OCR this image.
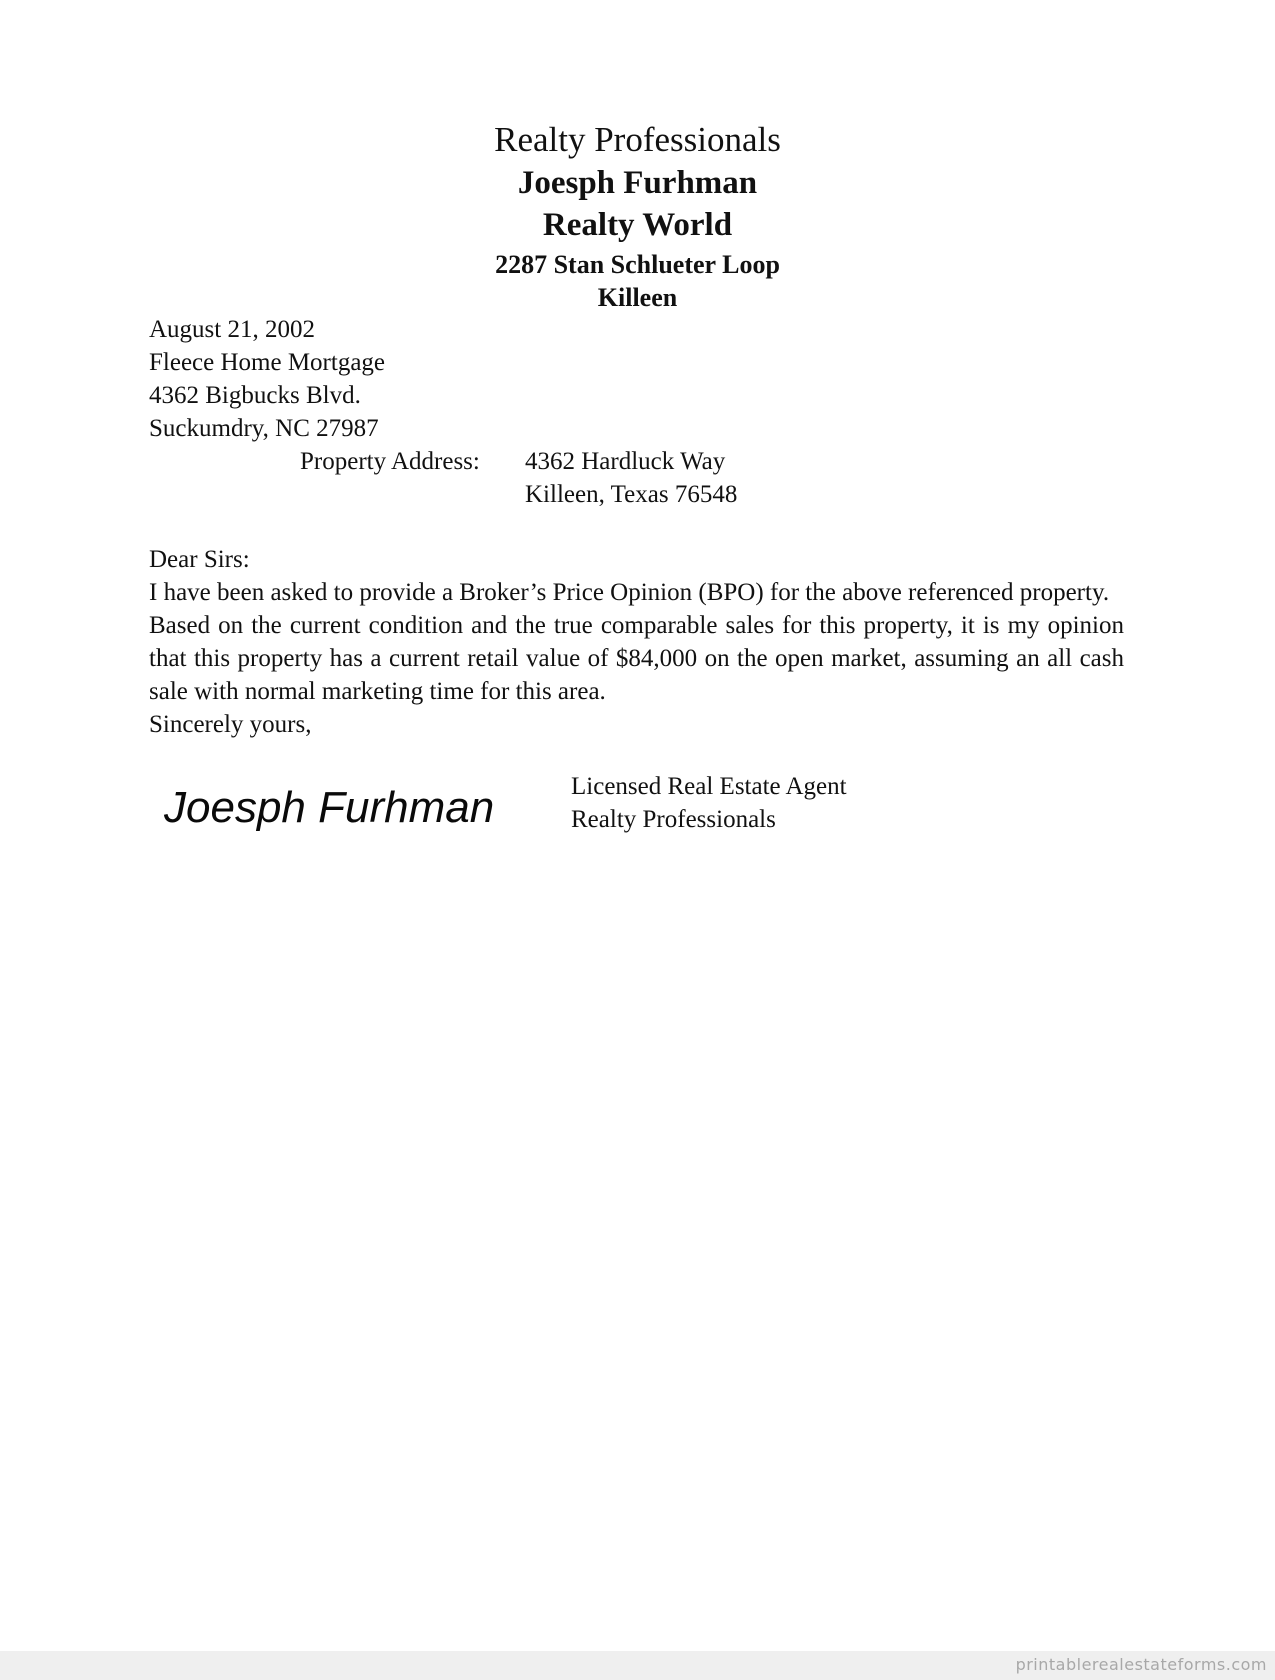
Realty Professionals
Joesph Furhman
Realty World
2287 Stan Schlueter Loop
Killeen
August 21, 2002
Fleece Home Mortgage
4362 Bigbucks Blvd.
Suckumdry, NC 27987
Property Address: 4362 Hardluck Way
Killeen, Texas 76548

Dear Sirs:

I have been asked to provide a Broker’s Price Opinion (BPO) for the above referenced property.

Based on the current condition and the true comparable sales for this property, it is my opinion that this property has a current retail value of $84,000 on the open market, assuming an all cash sale with normal marketing time for this area.

Sincerely yours,

Joesph Furhman	Licensed Real Estate Agent
Realty Professionals
printablerealestateforms.com
